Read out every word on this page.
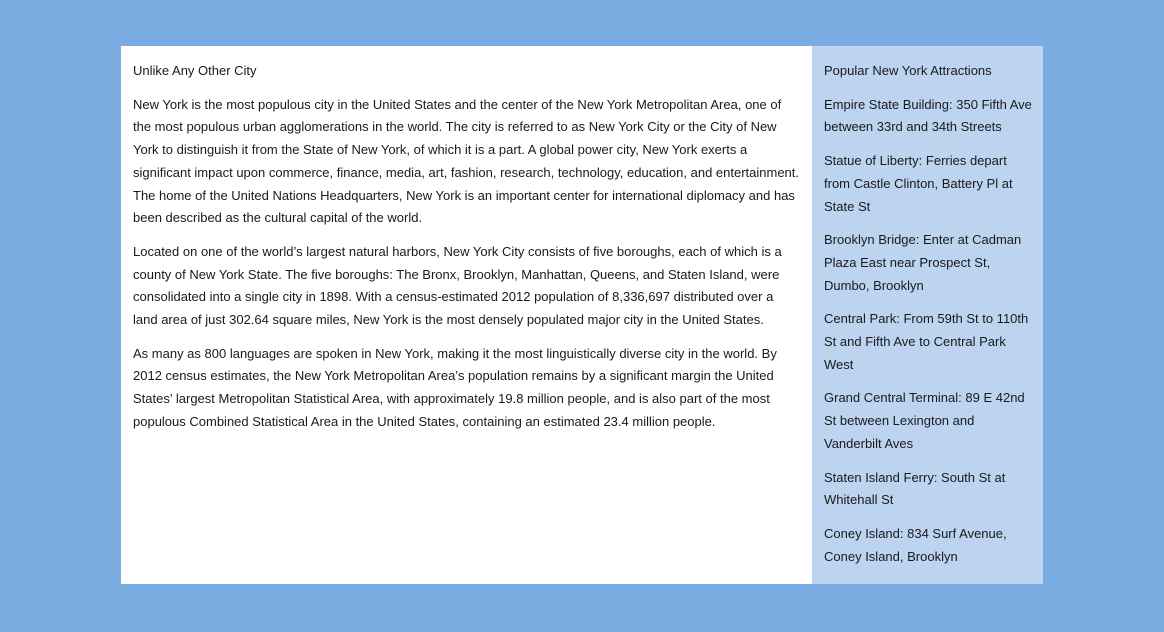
Unlike Any Other City

New York is the most populous city in the United States and the center of the New York Metropolitan Area, one of the most populous urban agglomerations in the world. The city is referred to as New York City or the City of New York to distinguish it from the State of New York, of which it is a part. A global power city, New York exerts a significant impact upon commerce, finance, media, art, fashion, research, technology, education, and entertainment. The home of the United Nations Headquarters, New York is an important center for international diplomacy and has been described as the cultural capital of the world.

Located on one of the world’s largest natural harbors, New York City consists of five boroughs, each of which is a county of New York State. The five boroughs: The Bronx, Brooklyn, Manhattan, Queens, and Staten Island, were consolidated into a single city in 1898. With a census-estimated 2012 population of 8,336,697 distributed over a land area of just 302.64 square miles, New York is the most densely populated major city in the United States.

As many as 800 languages are spoken in New York, making it the most linguistically diverse city in the world. By 2012 census estimates, the New York Metropolitan Area’s population remains by a significant margin the United States’ largest Metropolitan Statistical Area, with approximately 19.8 million people, and is also part of the most populous Combined Statistical Area in the United States, containing an estimated 23.4 million people.

Popular New York Attractions
Empire State Building: 350 Fifth Ave between 33rd and 34th Streets
Statue of Liberty: Ferries depart from Castle Clinton, Battery Pl at State St
Brooklyn Bridge: Enter at Cadman Plaza East near Prospect St, Dumbo, Brooklyn
Central Park: From 59th St to 110th St and Fifth Ave to Central Park West
Grand Central Terminal: 89 E 42nd St between Lexington and Vanderbilt Aves
Staten Island Ferry: South St at Whitehall St
Coney Island: 834 Surf Avenue, Coney Island, Brooklyn
